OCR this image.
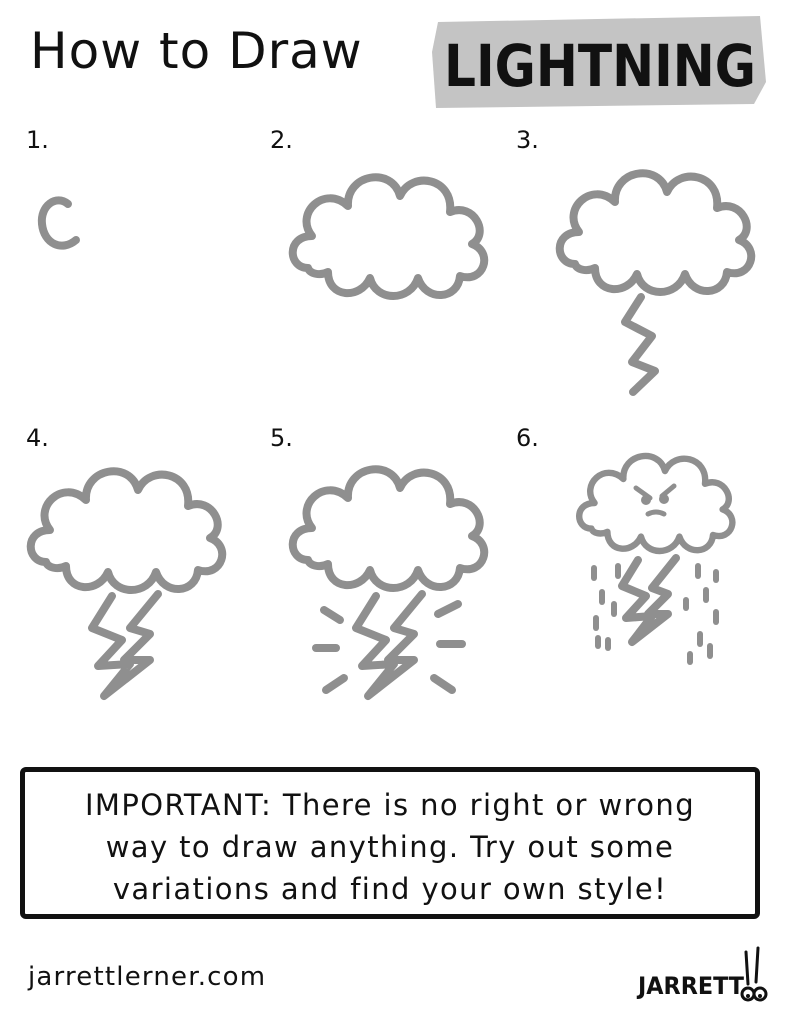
How to Draw LIGHTNING
1.	2.	3.
4.	5.	6.
IMPORTANT: There is no right or wrong
way to draw anything. Try out some
variations and find your own style!
jarrettlerner.com	JARRETT
